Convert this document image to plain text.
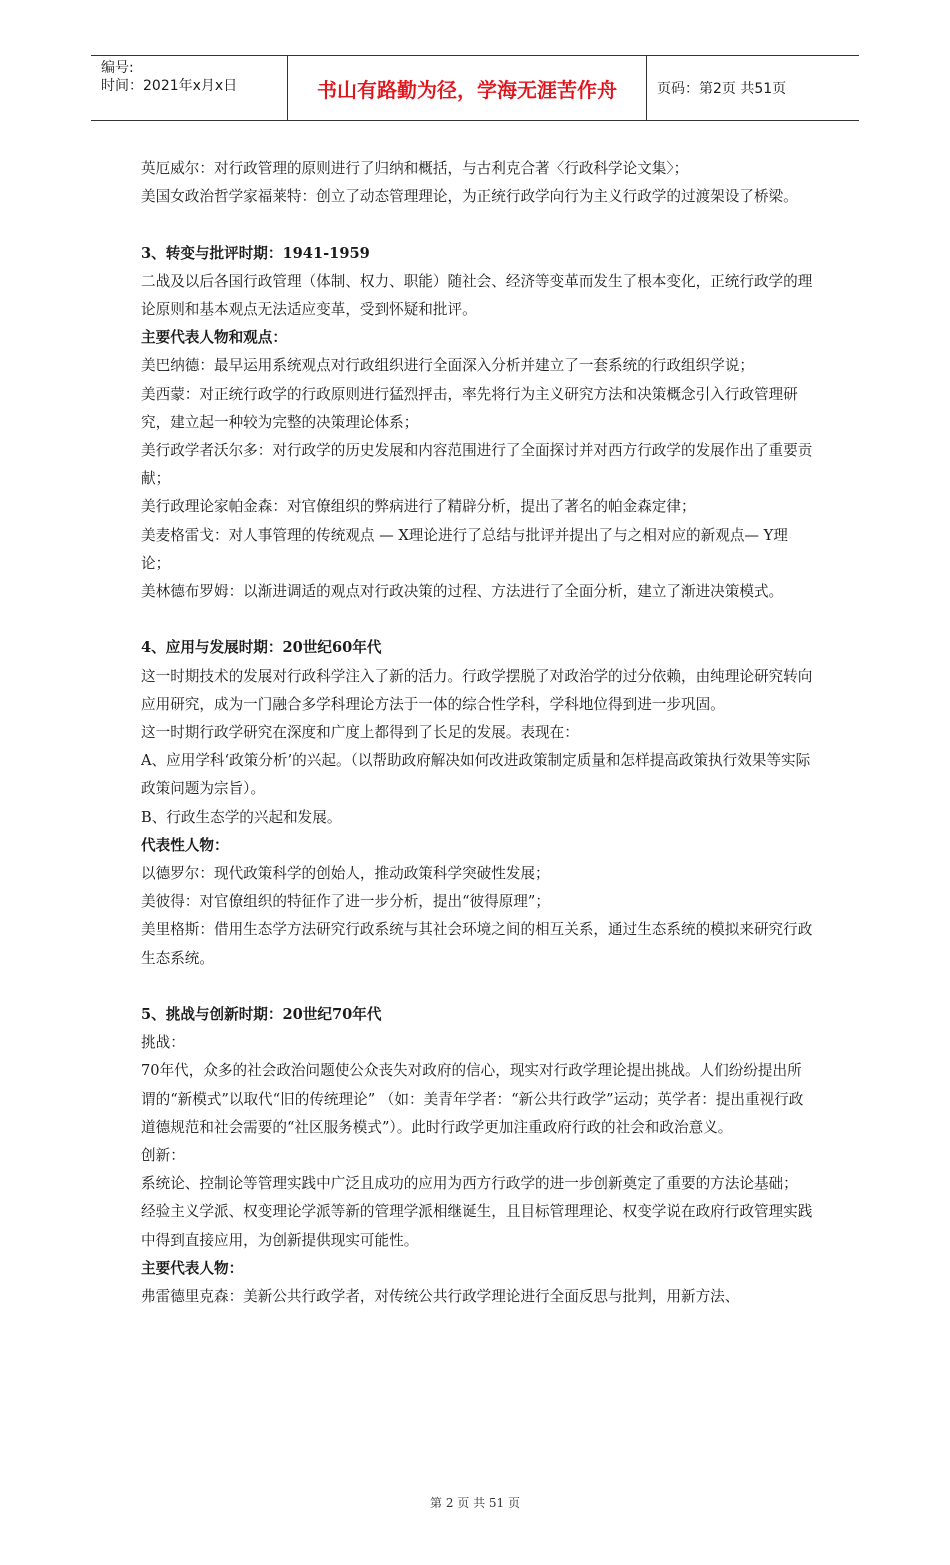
编号:
时间：2021年x月x日	书山有路勤为径，学海无涯苦作舟	页码：第2页 共51页

英厄威尔：对行政管理的原则进行了归纳和概括，与古利克合著〈行政科学论文集〉；

美国女政治哲学家福莱特：创立了动态管理理论，为正统行政学向行为主义行政学的过渡架设了桥梁。

3、转变与批评时期：1941-1959

二战及以后各国行政管理（体制、权力、职能）随社会、经济等变革而发生了根本变化，正统行政学的理论原则和基本观点无法适应变革，受到怀疑和批评。

主要代表人物和观点：

美巴纳德：最早运用系统观点对行政组织进行全面深入分析并建立了一套系统的行政组织学说；

美西蒙：对正统行政学的行政原则进行猛烈抨击，率先将行为主义研究方法和决策概念引入行政管理研究，建立起一种较为完整的决策理论体系；

美行政学者沃尔多：对行政学的历史发展和内容范围进行了全面探讨并对西方行政学的发展作出了重要贡献；

美行政理论家帕金森：对官僚组织的弊病进行了精辟分析，提出了著名的帕金森定律；

美麦格雷戈：对人事管理的传统观点 — X理论进行了总结与批评并提出了与之相对应的新观点— Y理论；

美林德布罗姆：以渐进调适的观点对行政决策的过程、方法进行了全面分析，建立了渐进决策模式。

4、应用与发展时期：20世纪60年代

这一时期技术的发展对行政科学注入了新的活力。行政学摆脱了对政治学的过分依赖，由纯理论研究转向应用研究，成为一门融合多学科理论方法于一体的综合性学科，学科地位得到进一步巩固。

这一时期行政学研究在深度和广度上都得到了长足的发展。表现在：

A、应用学科‘政策分析’的兴起。（以帮助政府解决如何改进政策制定质量和怎样提高政策执行效果等实际政策问题为宗旨）。

B、行政生态学的兴起和发展。

代表性人物：

以德罗尔：现代政策科学的创始人，推动政策科学突破性发展；

美彼得：对官僚组织的特征作了进一步分析，提出“彼得原理”；

美里格斯：借用生态学方法研究行政系统与其社会环境之间的相互关系，通过生态系统的模拟来研究行政生态系统。

5、挑战与创新时期：20世纪70年代

挑战：

70年代，众多的社会政治问题使公众丧失对政府的信心，现实对行政学理论提出挑战。人们纷纷提出所谓的“新模式”以取代“旧的传统理论” （如：美青年学者：“新公共行政学”运动；英学者：提出重视行政道德规范和社会需要的“社区服务模式”）。此时行政学更加注重政府行政的社会和政治意义。

创新：

系统论、控制论等管理实践中广泛且成功的应用为西方行政学的进一步创新奠定了重要的方法论基础；

经验主义学派、权变理论学派等新的管理学派相继诞生，且目标管理理论、权变学说在政府行政管理实践中得到直接应用，为创新提供现实可能性。

主要代表人物：

弗雷德里克森：美新公共行政学者，对传统公共行政学理论进行全面反思与批判，用新方法、

第 2 页 共 51 页
